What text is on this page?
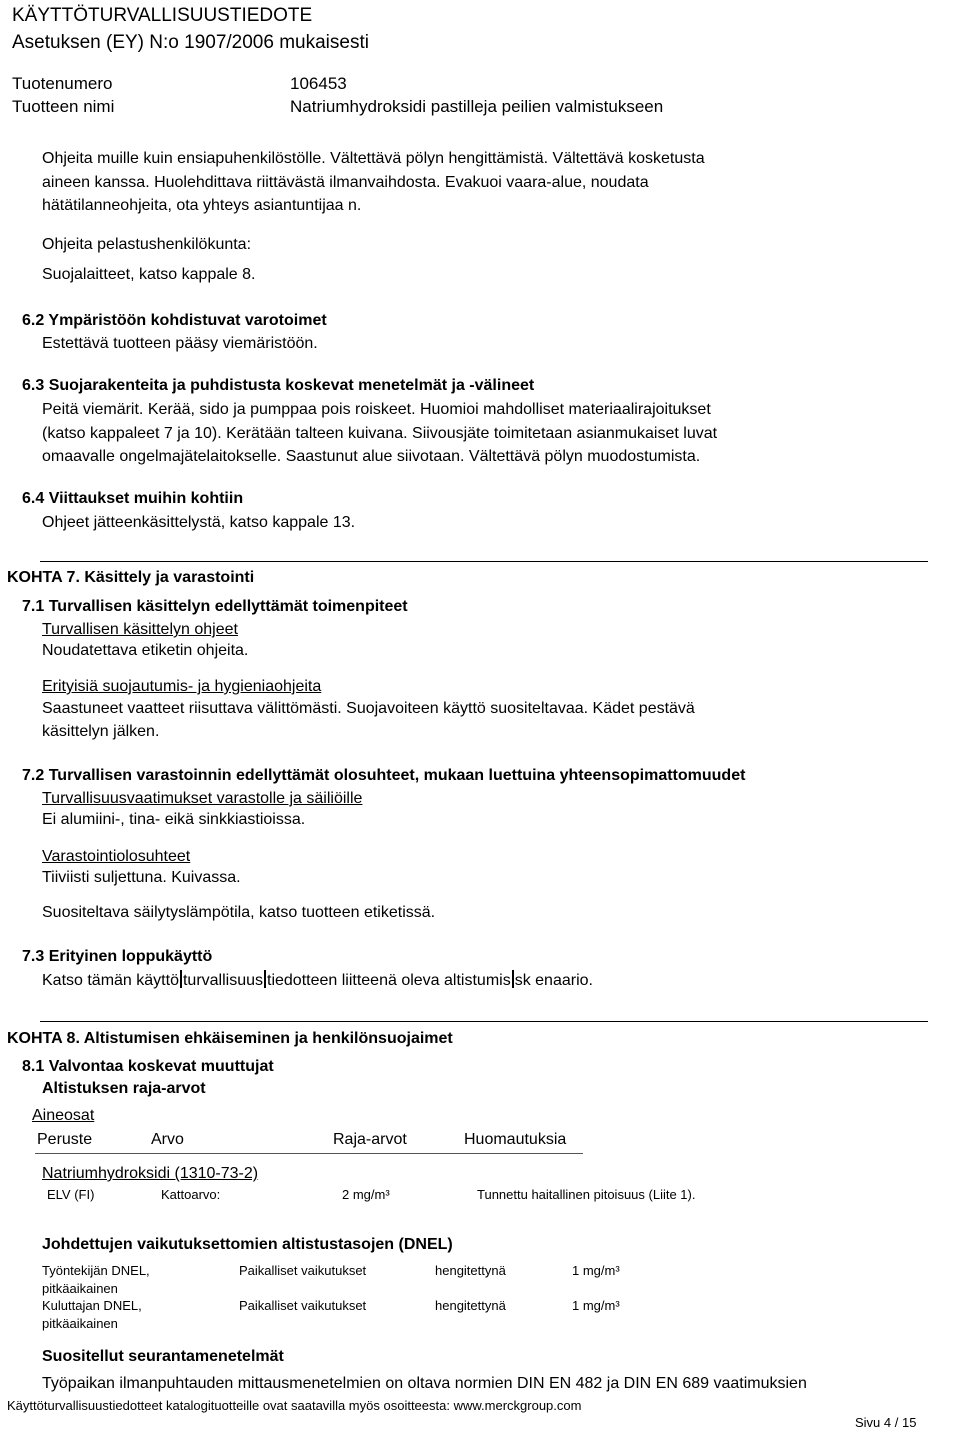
KÄYTTÖTURVALLISUUSTIEDOTE
Asetuksen (EY) N:o 1907/2006 mukaisesti
Tuotenumero	106453
Tuotteen nimi	Natriumhydroksidi pastilleja peilien valmistukseen
Ohjeita muille kuin ensiapuhenkilöstölle. Vältettävä pölyn hengittämistä. Vältettävä kosketusta
aineen kanssa. Huolehdittava riittävästä ilmanvaihdosta. Evakuoi vaara-alue, noudata
hätätilanneohjeita, ota yhteys asiantuntijaa n.
Ohjeita pelastushenkilökunta:
Suojalaitteet, katso kappale 8.
6.2 Ympäristöön kohdistuvat varotoimet
Estettävä tuotteen pääsy viemäristöön.
6.3 Suojarakenteita ja puhdistusta koskevat menetelmät ja -välineet
Peitä viemärit. Kerää, sido ja pumppaa pois roiskeet. Huomioi mahdolliset materiaalirajoitukset
(katso kappaleet 7 ja 10). Kerätään talteen kuivana. Siivousjäte toimitetaan asianmukaiset luvat
omaavalle ongelmajätelaitokselle. Saastunut alue siivotaan. Vältettävä pölyn muodostumista.
6.4 Viittaukset muihin kohtiin
Ohjeet jätteenkäsittelystä, katso kappale 13.
KOHTA 7. Käsittely ja varastointi
7.1 Turvallisen käsittelyn edellyttämät toimenpiteet
Turvallisen käsittelyn ohjeet
Noudatettava etiketin ohjeita.
Erityisiä suojautumis- ja hygieniaohjeita
Saastuneet vaatteet riisuttava välittömästi. Suojavoiteen käyttö suositeltavaa. Kädet pestävä
käsittelyn jälken.
7.2 Turvallisen varastoinnin edellyttämät olosuhteet, mukaan luettuina yhteensopimattomuudet
Turvallisuusvaatimukset varastolle ja säiliöille
Ei alumiini-, tina- eikä sinkkiastioissa.
Varastointiolosuhteet
Tiiviisti suljettuna. Kuivassa.
Suositeltava säilytyslämpötila, katso tuotteen etiketissä.
7.3 Erityinen loppukäyttö
Katso tämän käyttö turvallisuus tiedotteen liitteenä oleva altistumis sk enaario.
KOHTA 8. Altistumisen ehkäiseminen ja henkilönsuojaimet
8.1 Valvontaa koskevat muuttujat
Altistuksen raja-arvot
Aineosat
Peruste	Arvo	Raja-arvot	Huomautuksia
Natriumhydroksidi (1310-73-2)
ELV (FI)	Kattoarvo:	2 mg/m³	Tunnettu haitallinen pitoisuus (Liite 1).
Johdettujen vaikutuksettomien altistustasojen (DNEL)
Työntekijän DNEL,
pitkäaikainen
Paikalliset vaikutukset	hengitettynä	1 mg/m³
Kuluttajan DNEL,
pitkäaikainen
Paikalliset vaikutukset	hengitettynä	1 mg/m³
Suositellut seurantamenetelmät
Työpaikan ilmanpuhtauden mittausmenetelmien on oltava normien DIN EN 482 ja DIN EN 689 vaatimuksien
Käyttöturvallisuustiedotteet katalogituotteille ovat saatavilla myös osoitteesta: www.merckgroup.com
Sivu 4 / 15
